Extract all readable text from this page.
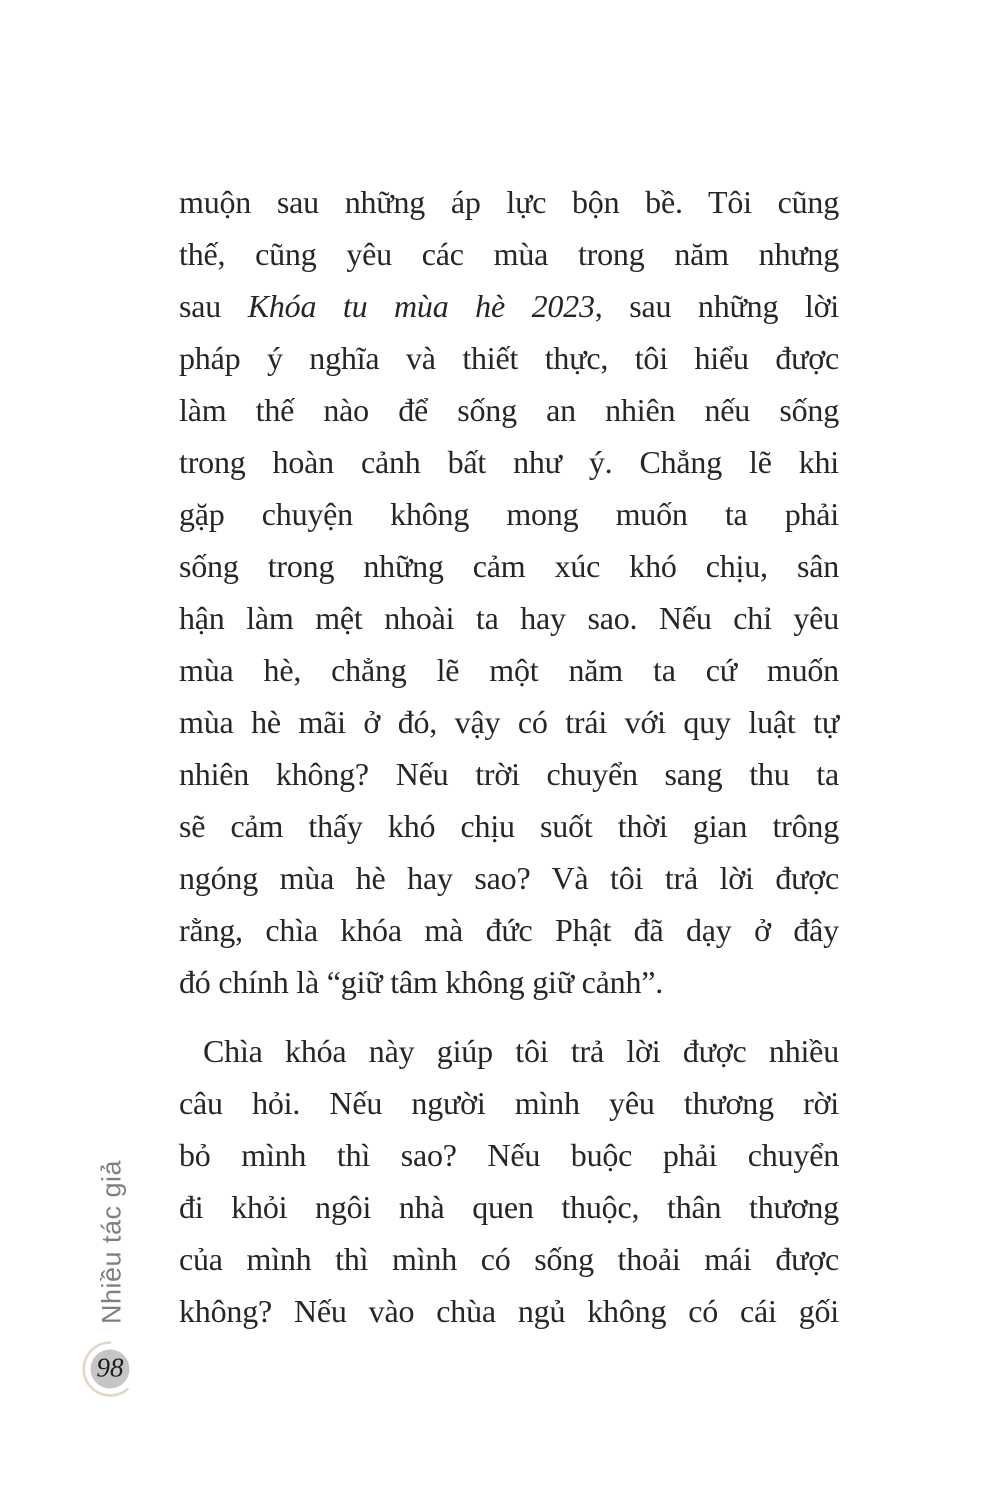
muộn sau những áp lực bộn bề. Tôi cũng
thế, cũng yêu các mùa trong năm nhưng
sau Khóa tu mùa hè 2023, sau những lời
pháp ý nghĩa và thiết thực, tôi hiểu được
làm thế nào để sống an nhiên nếu sống
trong hoàn cảnh bất như ý. Chẳng lẽ khi
gặp chuyện không mong muốn ta phải
sống trong những cảm xúc khó chịu, sân
hận làm mệt nhoài ta hay sao. Nếu chỉ yêu
mùa hè, chẳng lẽ một năm ta cứ muốn
mùa hè mãi ở đó, vậy có trái với quy luật tự
nhiên không? Nếu trời chuyển sang thu ta
sẽ cảm thấy khó chịu suốt thời gian trông
ngóng mùa hè hay sao? Và tôi trả lời được
rằng, chìa khóa mà đức Phật đã dạy ở đây
đó chính là “giữ tâm không giữ cảnh”.
Chìa khóa này giúp tôi trả lời được nhiều
câu hỏi. Nếu người mình yêu thương rời
bỏ mình thì sao? Nếu buộc phải chuyển
đi khỏi ngôi nhà quen thuộc, thân thương
của mình thì mình có sống thoải mái được
không? Nếu vào chùa ngủ không có cái gối
Nhiều tác giả
98
